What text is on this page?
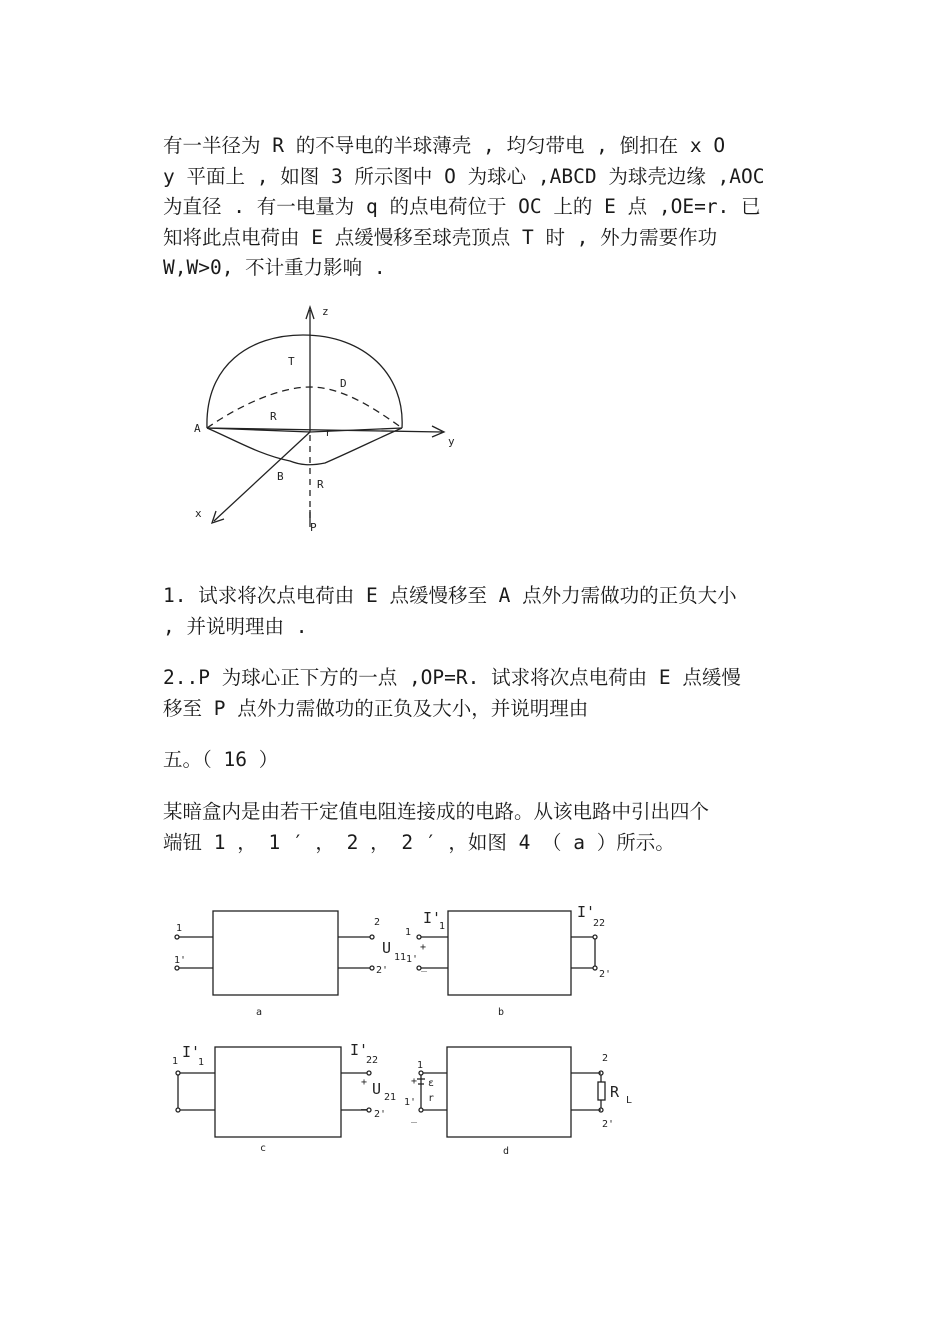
有一半径为 R 的不导电的半球薄壳 , 均匀带电 , 倒扣在 x O
y 平面上 , 如图 3 所示图中 O 为球心 ,ABCD 为球壳边缘 ,AOC
为直径 . 有一电量为 q 的点电荷位于 OC 上的 E 点 ,OE=r. 已
知将此点电荷由 E 点缓慢移至球壳顶点 T 时 , 外力需要作功
W,W>0, 不计重力影响 .
z
y
x
T
D
R
A	r
B
R
P
1. 试求将次点电荷由 E 点缓慢移至 A 点外力需做功的正负大小
, 并说明理由 .
2..P 为球心正下方的一点 ,OP=R. 试求将次点电荷由 E 点缓慢
移至 P 点外力需做功的正负及大小，并说明理由
五。（ 16 ）
某暗盒内是由若干定值电阻连接成的电路。从该电路中引出四个
端钮 1 ， 1 ′ ， 2 ， 2 ′ ，如图 4 （ a ）所示。
1
1'
2
2'
a
U
11
1
1'
+
_
I'
1
I'
22
2'
b
1
I'
1
I'
22
+ U 21
_
2'
c
1
+ ε
r
1'
_
2
R L
2'
d
